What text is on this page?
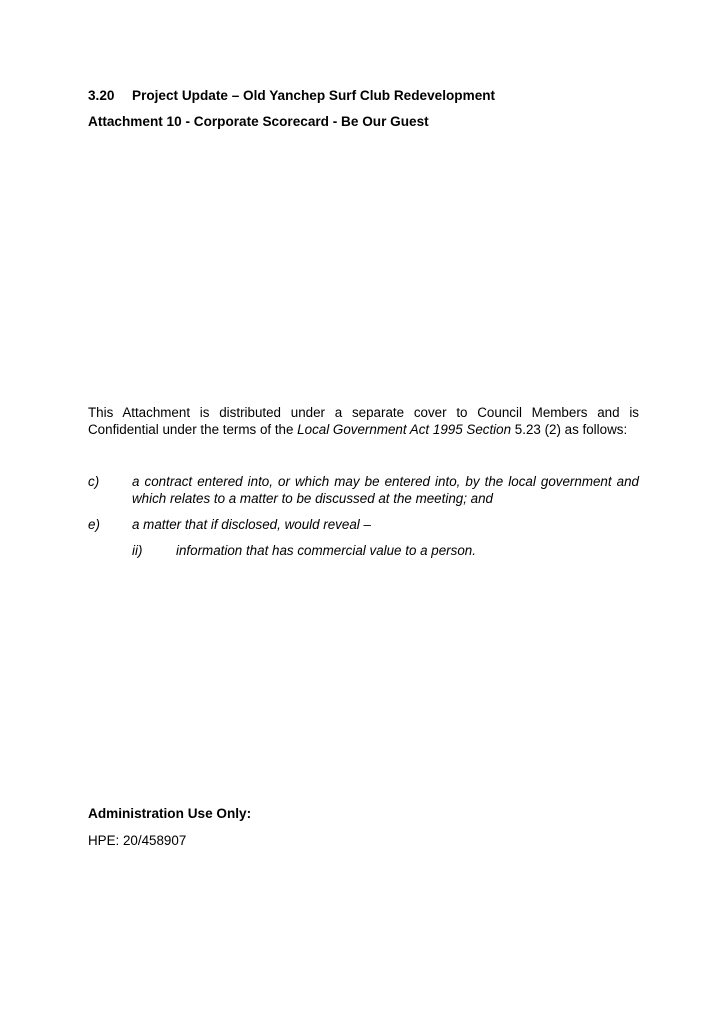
3.20 Project Update – Old Yanchep Surf Club Redevelopment
Attachment 10 - Corporate Scorecard - Be Our Guest
This Attachment is distributed under a separate cover to Council Members and is
Confidential under the terms of the Local Government Act 1995 Section 5.23 (2) as follows:
c) a contract entered into, or which may be entered into, by the local government and
which relates to a matter to be discussed at the meeting; and
e) a matter that if disclosed, would reveal –
ii)	information that has commercial value to a person.
Administration Use Only:
HPE: 20/458907
